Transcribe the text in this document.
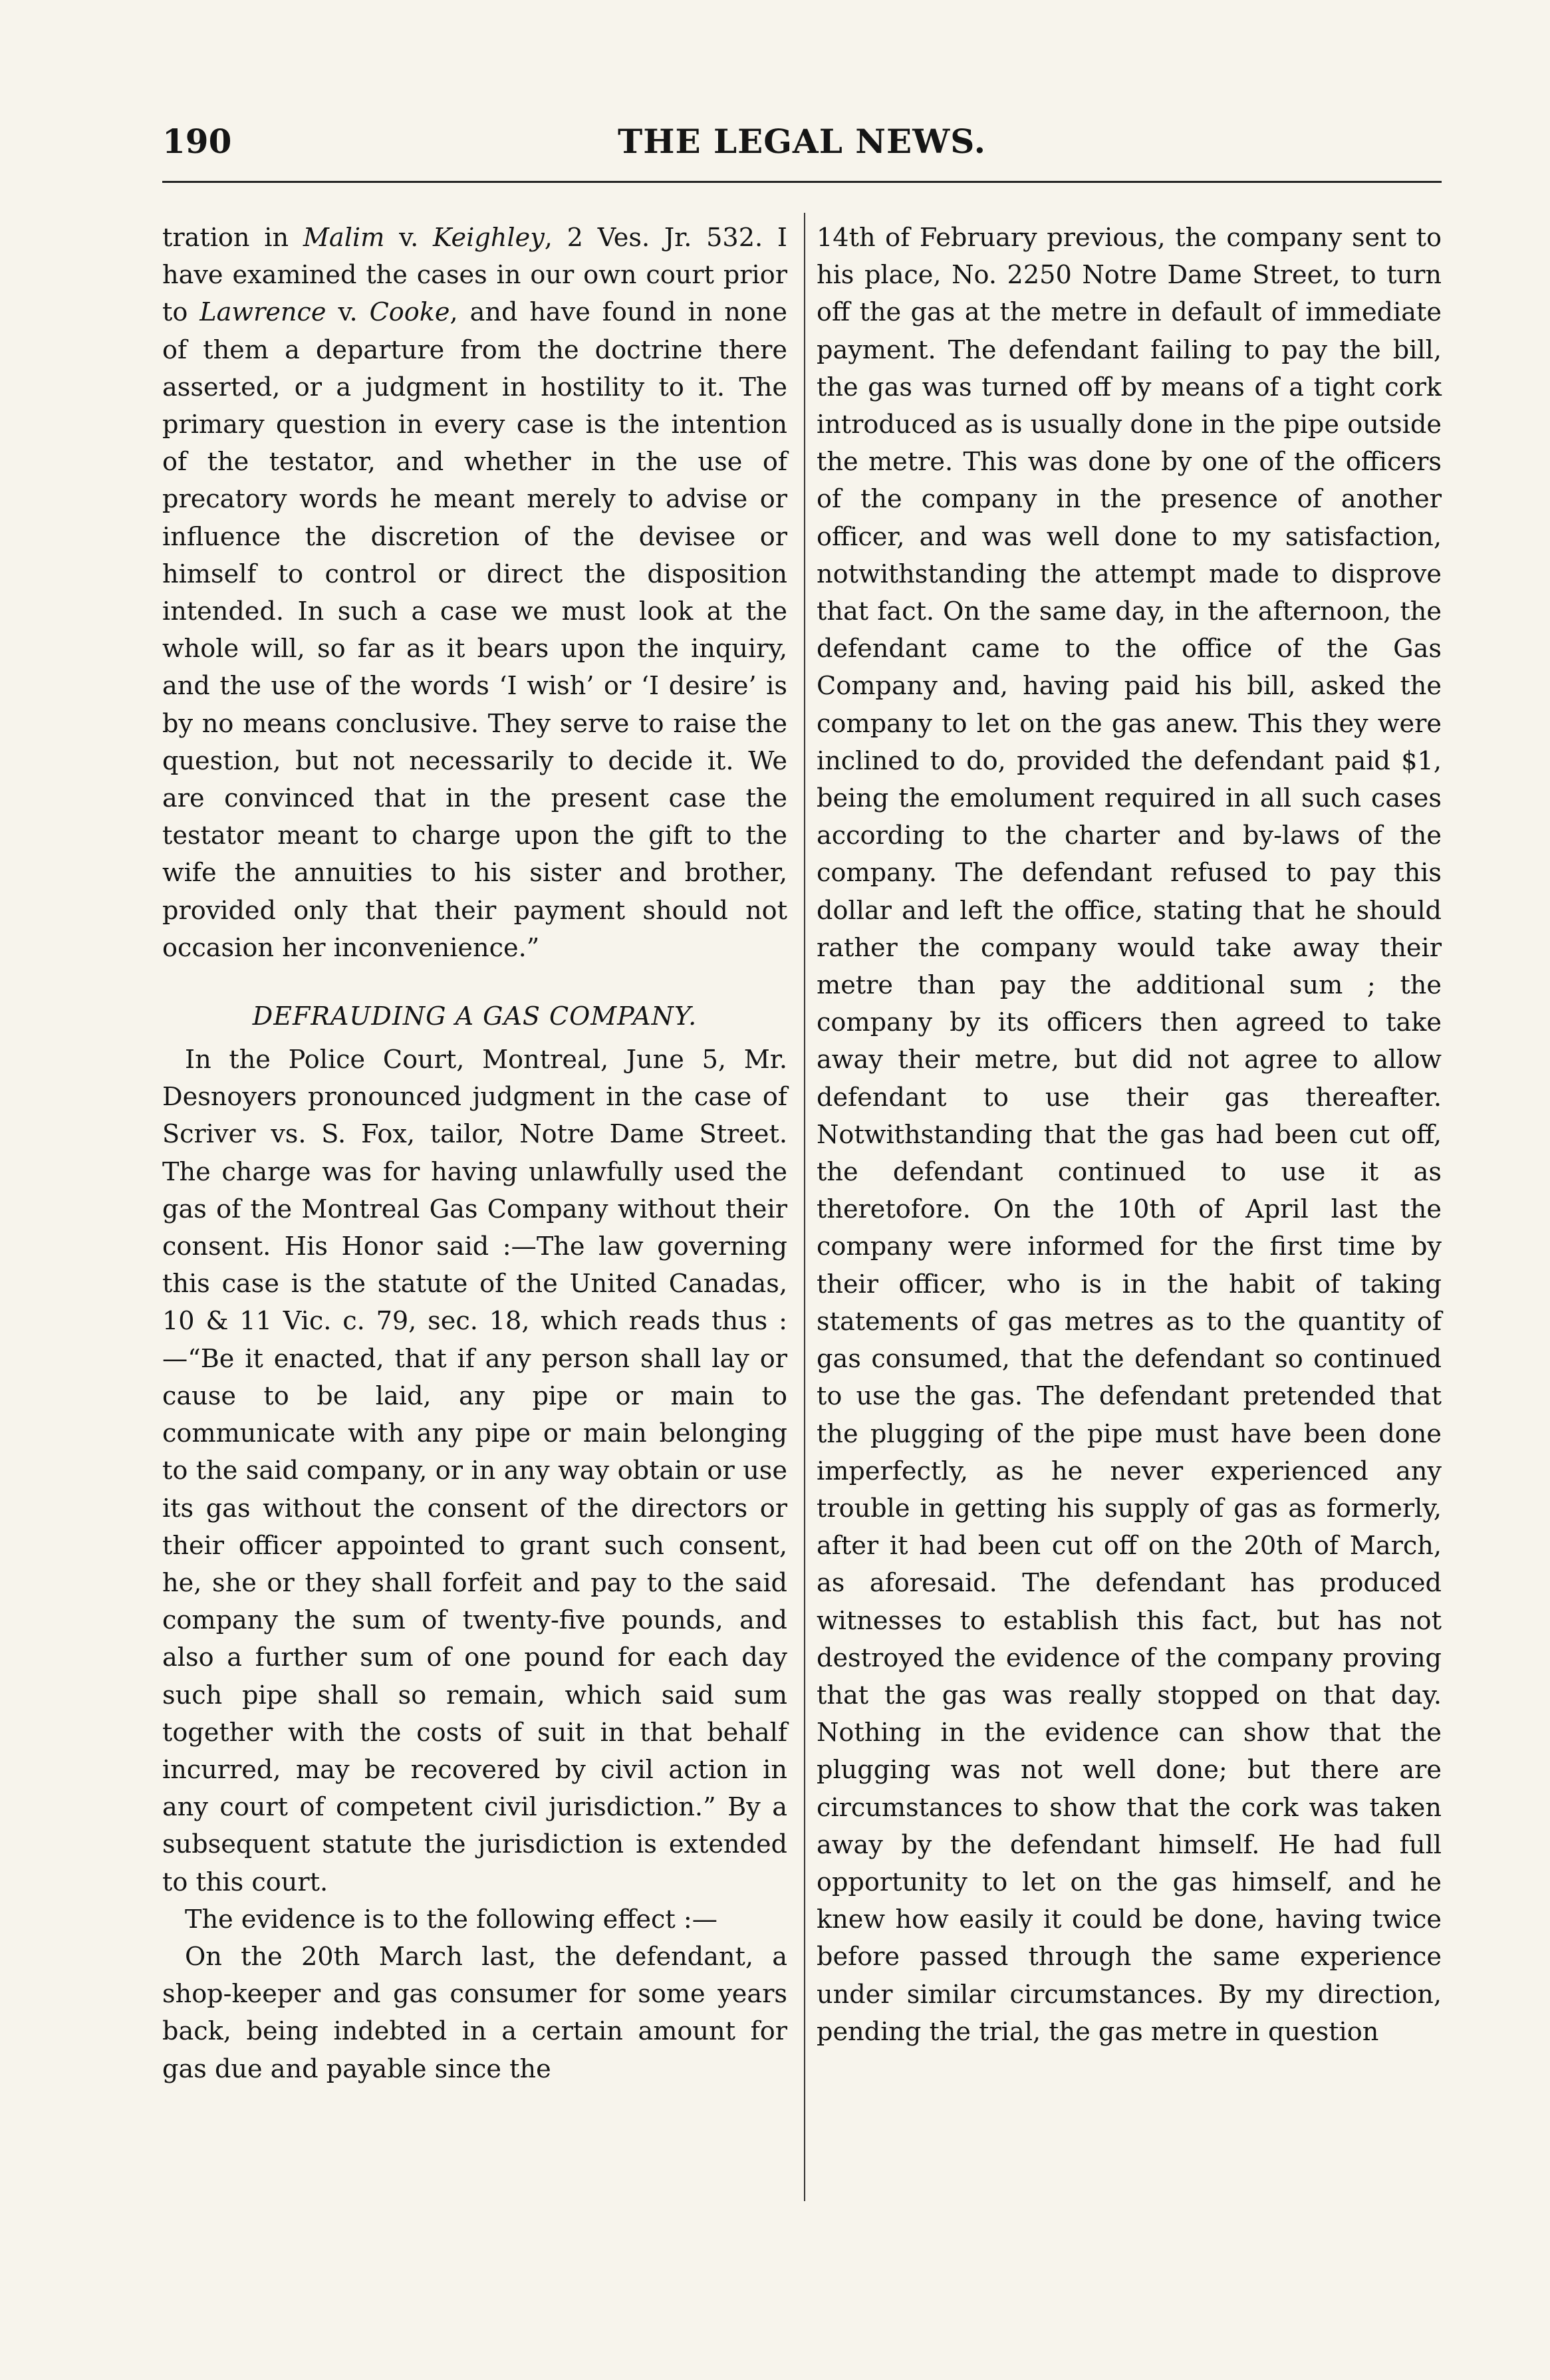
190	THE LEGAL NEWS.

tration in Malim v. Keighley, 2 Ves. Jr. 532. I have examined the cases in our own court prior to Lawrence v. Cooke, and have found in none of them a departure from the doctrine there asserted, or a judgment in hostility to it. The primary question in every case is the intention of the testator, and whether in the use of precatory words he meant merely to advise or influence the discretion of the devisee or himself to control or direct the disposition intended. In such a case we must look at the whole will, so far as it bears upon the inquiry, and the use of the words ‘I wish’ or ‘I desire’ is by no means conclusive. They serve to raise the question, but not necessarily to decide it. We are convinced that in the present case the testator meant to charge upon the gift to the wife the annuities to his sister and brother, provided only that their payment should not occasion her inconvenience.”

DEFRAUDING A GAS COMPANY.

In the Police Court, Montreal, June 5, Mr. Desnoyers pronounced judgment in the case of Scriver vs. S. Fox, tailor, Notre Dame Street. The charge was for having unlawfully used the gas of the Montreal Gas Company without their consent. His Honor said :—The law governing this case is the statute of the United Canadas, 10 & 11 Vic. c. 79, sec. 18, which reads thus :—“Be it enacted, that if any person shall lay or cause to be laid, any pipe or main to communicate with any pipe or main belonging to the said company, or in any way obtain or use its gas without the consent of the directors or their officer appointed to grant such consent, he, she or they shall forfeit and pay to the said company the sum of twenty-five pounds, and also a further sum of one pound for each day such pipe shall so remain, which said sum together with the costs of suit in that behalf incurred, may be recovered by civil action in any court of competent civil jurisdiction.” By a subsequent statute the jurisdiction is extended to this court.

The evidence is to the following effect :—

On the 20th March last, the defendant, a shop-keeper and gas consumer for some years back, being indebted in a certain amount for gas due and payable since the

14th of February previous, the company sent to his place, No. 2250 Notre Dame Street, to turn off the gas at the metre in default of immediate payment. The defendant failing to pay the bill, the gas was turned off by means of a tight cork introduced as is usually done in the pipe outside the metre. This was done by one of the officers of the company in the presence of another officer, and was well done to my satisfaction, notwithstanding the attempt made to disprove that fact. On the same day, in the afternoon, the defendant came to the office of the Gas Company and, having paid his bill, asked the company to let on the gas anew. This they were inclined to do, provided the defendant paid $1, being the emolument required in all such cases according to the charter and by-laws of the company. The defendant refused to pay this dollar and left the office, stating that he should rather the company would take away their metre than pay the additional sum ; the company by its officers then agreed to take away their metre, but did not agree to allow defendant to use their gas thereafter. Notwithstanding that the gas had been cut off, the defendant continued to use it as theretofore. On the 10th of April last the company were informed for the first time by their officer, who is in the habit of taking statements of gas metres as to the quantity of gas consumed, that the defendant so continued to use the gas. The defendant pretended that the plugging of the pipe must have been done imperfectly, as he never experienced any trouble in getting his supply of gas as formerly, after it had been cut off on the 20th of March, as aforesaid. The defendant has produced witnesses to establish this fact, but has not destroyed the evidence of the company proving that the gas was really stopped on that day. Nothing in the evidence can show that the plugging was not well done; but there are circumstances to show that the cork was taken away by the defendant himself. He had full opportunity to let on the gas himself, and he knew how easily it could be done, having twice before passed through the same experience under similar circumstances. By my direction, pending the trial, the gas metre in question
